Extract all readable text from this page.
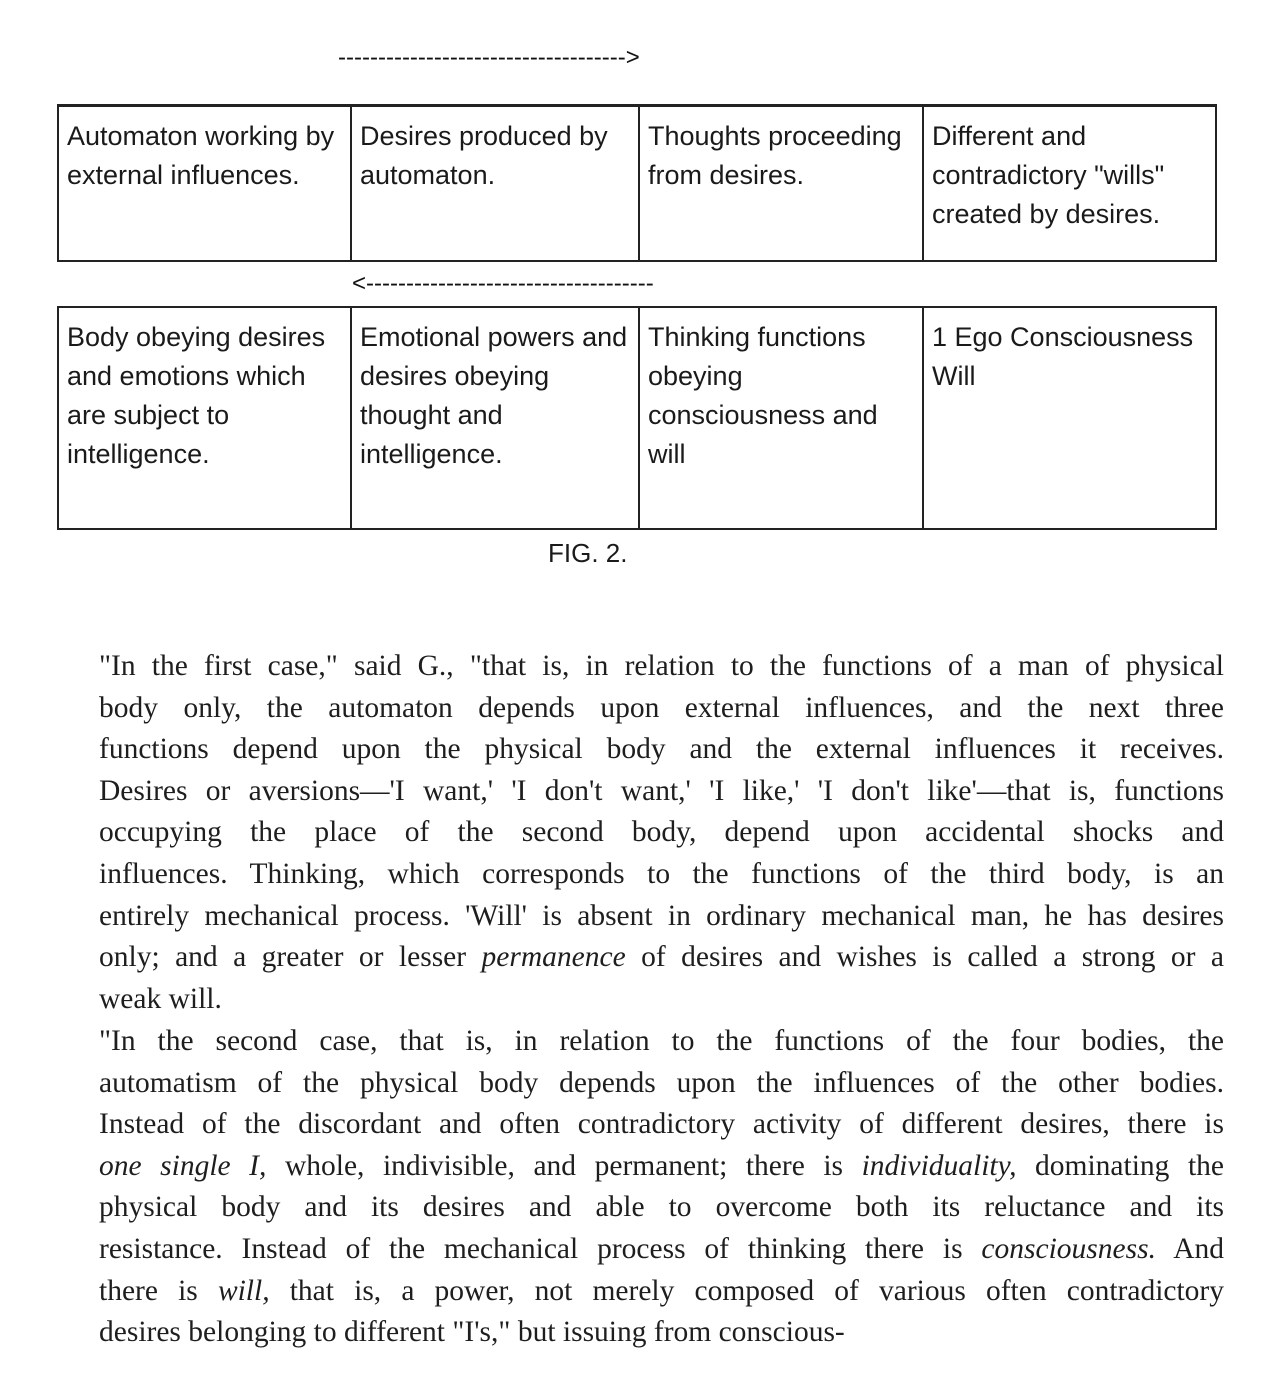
------------------------------------>
Automaton working by external influences.	Desires produced by automaton.	Thoughts proceeding from desires.	Different and contradictory "wills" created by desires.
<------------------------------------
Body obeying desires and emotions which are subject to intelligence.	Emotional powers and desires obeying thought and intelligence.	Thinking functions obeying consciousness and will	1 Ego Consciousness Will
FIG. 2.
"In the first case," said G., "that is, in relation to the functions of a man of physical
body only, the automaton depends upon external influences, and the next three
functions depend upon the physical body and the external influences it receives.
Desires or aversions—'I want,' 'I don't want,' 'I like,' 'I don't like'—that is, functions
occupying the place of the second body, depend upon accidental shocks and
influences. Thinking, which corresponds to the functions of the third body, is an
entirely mechanical process. 'Will' is absent in ordinary mechanical man, he has desires
only; and a greater or lesser permanence of desires and wishes is called a strong or a
weak will.
"In the second case, that is, in relation to the functions of the four bodies, the
automatism of the physical body depends upon the influences of the other bodies.
Instead of the discordant and often contradictory activity of different desires, there is
one single I, whole, indivisible, and permanent; there is individuality, dominating the
physical body and its desires and able to overcome both its reluctance and its
resistance. Instead of the mechanical process of thinking there is consciousness. And
there is will, that is, a power, not merely composed of various often contradictory
desires belonging to different "I's," but issuing from conscious-
